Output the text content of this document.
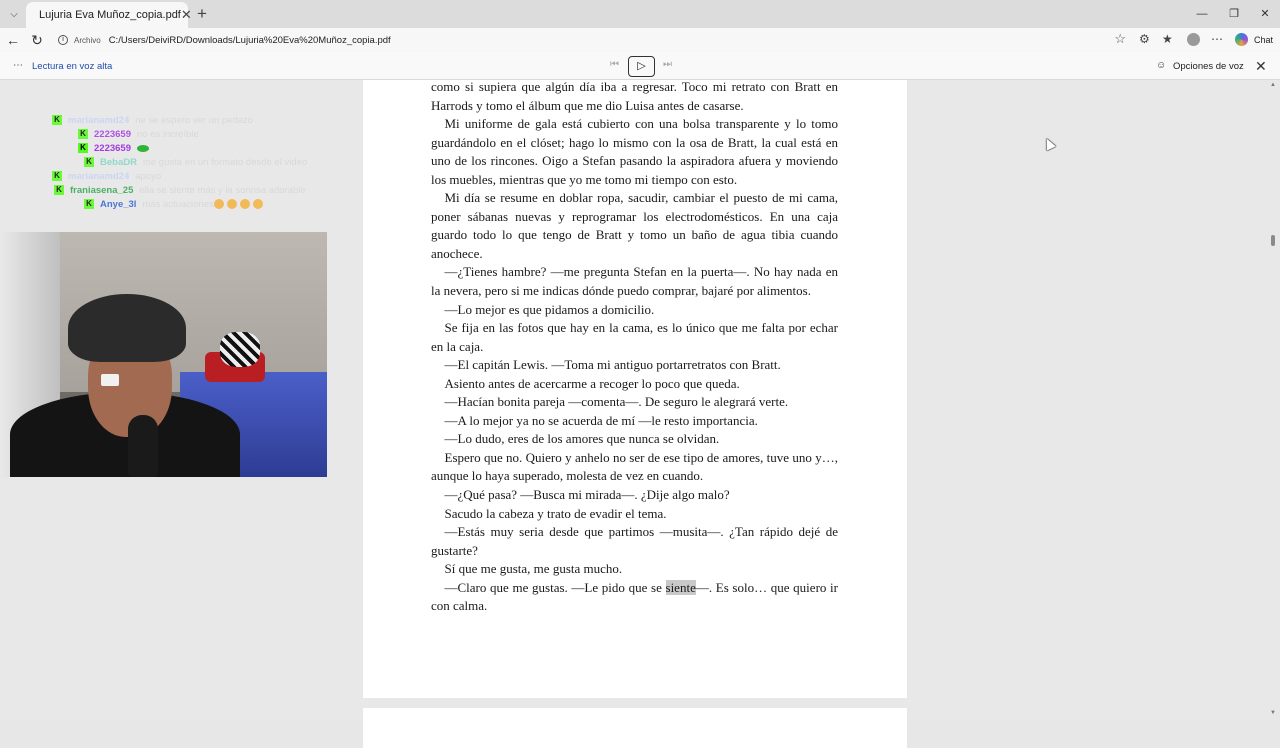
⌵	Lujuria Eva Muñoz_copia.pdf ✕ +	—	❐	✕
← ↻	i	Archivo C:/Users/DeiviRD/Downloads/Lujuria%20Eva%20Muñoz_copia.pdf	☆ ⚙ ★	⋯	Chat
⋯ Lectura en voz alta	⏮	▷	⏭	☺ Opciones de voz ✕

como si supiera que algún día iba a regresar. Toco mi retrato con Bratt en Harrods y tomo el álbum que me dio Luisa antes de casarse.

Mi uniforme de gala está cubierto con una bolsa transparente y lo tomo guardándolo en el clóset; hago lo mismo con la osa de Bratt, la cual está en uno de los rincones. Oigo a Stefan pasando la aspiradora afuera y moviendo los muebles, mientras que yo me tomo mi tiempo con esto.

Mi día se resume en doblar ropa, sacudir, cambiar el puesto de mi cama, poner sábanas nuevas y reprogramar los electrodomésticos. En una caja guardo todo lo que tengo de Bratt y tomo un baño de agua tibia cuando anochece.

—¿Tienes hambre? —me pregunta Stefan en la puerta—. No hay nada en la nevera, pero si me indicas dónde puedo comprar, bajaré por alimentos.

—Lo mejor es que pidamos a domicilio.

Se fija en las fotos que hay en la cama, es lo único que me falta por echar en la caja.

—El capitán Lewis. —Toma mi antiguo portarretratos con Bratt.

Asiento antes de acercarme a recoger lo poco que queda.

—Hacían bonita pareja —comenta—. De seguro le alegrará verte.

—A lo mejor ya no se acuerda de mí —le resto importancia.

—Lo dudo, eres de los amores que nunca se olvidan.

Espero que no. Quiero y anhelo no ser de ese tipo de amores, tuve uno y…, aunque lo haya superado, molesta de vez en cuando.

—¿Qué pasa? —Busca mi mirada—. ¿Dije algo malo?

Sacudo la cabeza y trato de evadir el tema.

—Estás muy seria desde que partimos —musita—. ¿Tan rápido dejé de gustarte?

Sí que me gusta, me gusta mucho.

—Claro que me gustas. —Le pido que se siente—. Es solo… que quiero ir con calma.

▲
▼
K marianamd24 ne se espero ver un pedazo
K 2223659 no es increíble
K 2223659
K BebaDR me gusta en un formato desde el video
K marianamd24 apoyo
K franiasena_25 ella se siente más y la sonrisa adorable
K Anye_3l más actuaciones
